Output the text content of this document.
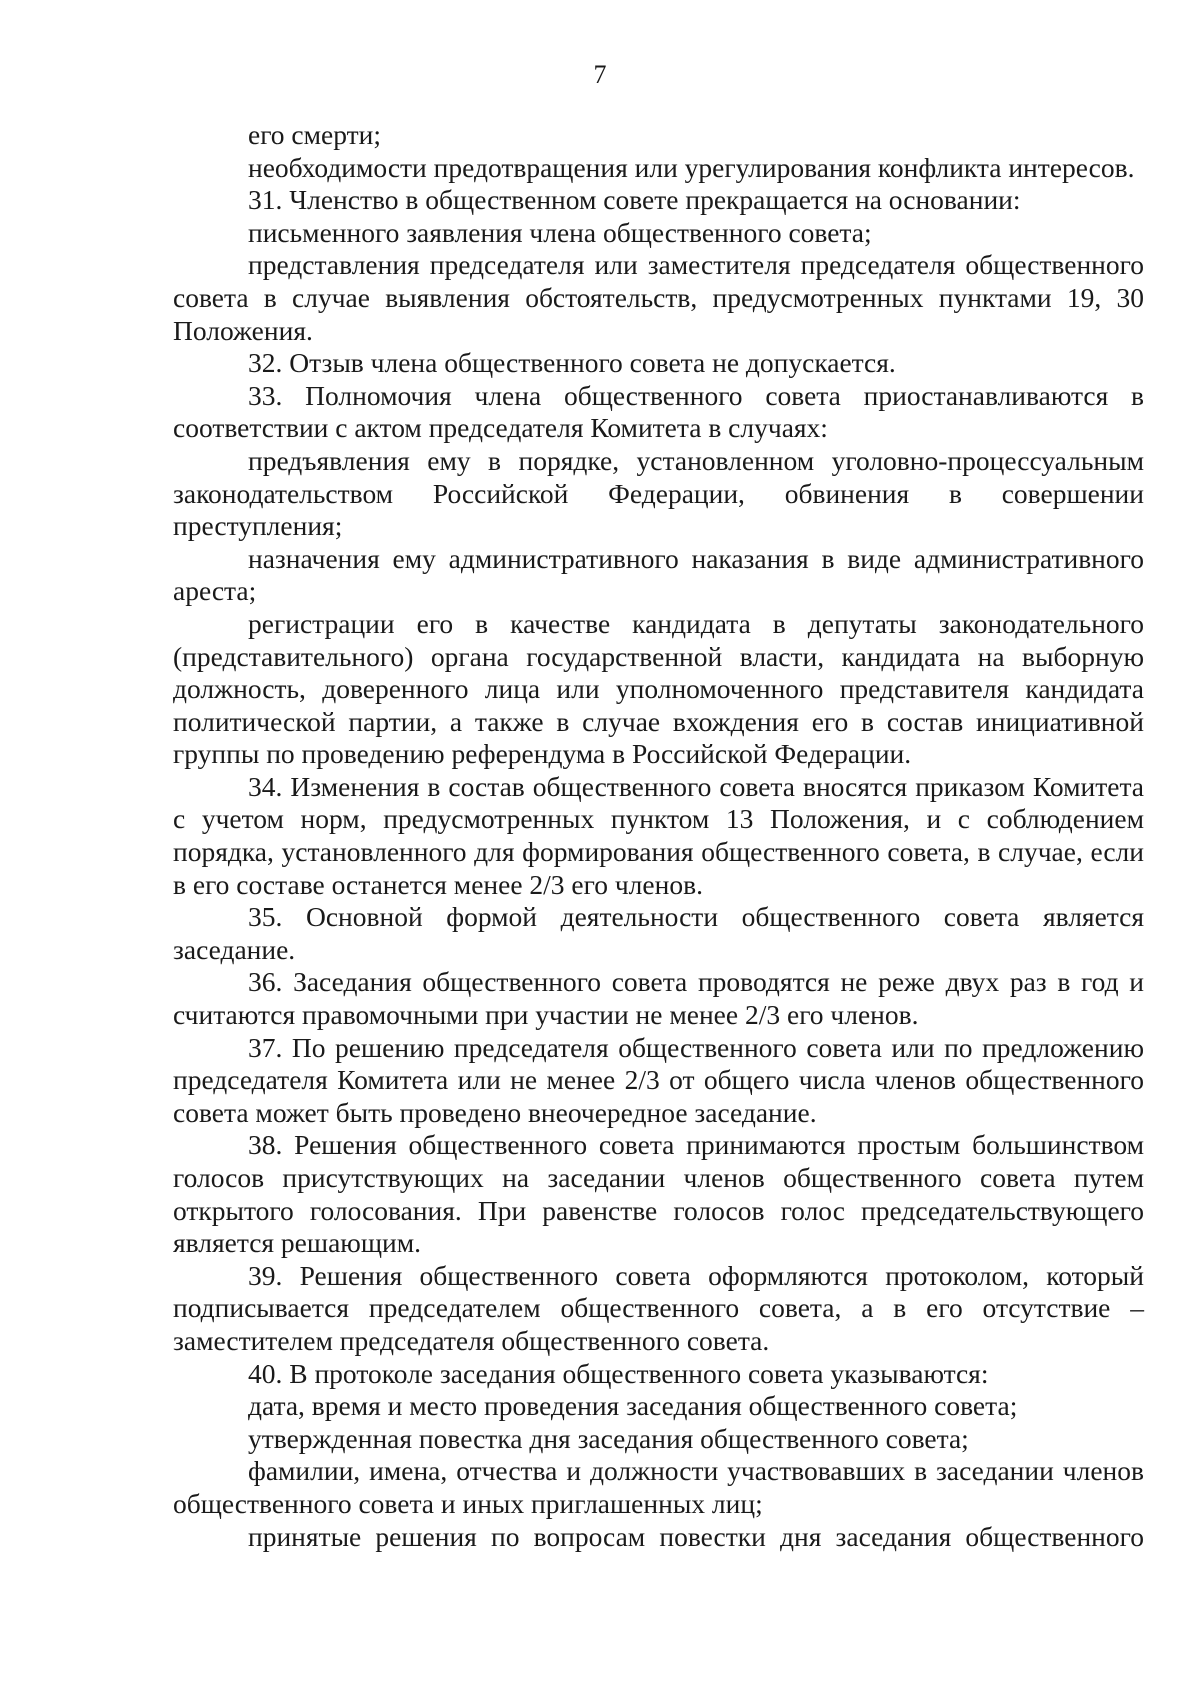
7

его смерти;

необходимости предотвращения или урегулирования конфликта интересов.

31. Членство в общественном совете прекращается на основании:

письменного заявления члена общественного совета;

представления председателя или заместителя председателя общественного совета в случае выявления обстоятельств, предусмотренных пунктами 19, 30 Положения.

32. Отзыв члена общественного совета не допускается.

33. Полномочия члена общественного совета приостанавливаются в соответствии с актом председателя Комитета в случаях:

предъявления ему в порядке, установленном уголовно-процессуальным законодательством Российской Федерации, обвинения в совершении преступления;

назначения ему административного наказания в виде административного ареста;

регистрации его в качестве кандидата в депутаты законодательного (представительного) органа государственной власти, кандидата на выборную должность, доверенного лица или уполномоченного представителя кандидата политической партии, а также в случае вхождения его в состав инициативной группы по проведению референдума в Российской Федерации.

34. Изменения в состав общественного совета вносятся приказом Комитета с учетом норм, предусмотренных пунктом 13 Положения, и с соблюдением порядка, установленного для формирования общественного совета, в случае, если в его составе останется менее 2/3 его членов.

35. Основной формой деятельности общественного совета является заседание.

36. Заседания общественного совета проводятся не реже двух раз в год и считаются правомочными при участии не менее 2/3 его членов.

37. По решению председателя общественного совета или по предложению председателя Комитета или не менее 2/3 от общего числа членов общественного совета может быть проведено внеочередное заседание.

38. Решения общественного совета принимаются простым большинством голосов присутствующих на заседании членов общественного совета путем открытого голосования. При равенстве голосов голос председательствующего является решающим.

39. Решения общественного совета оформляются протоколом, который подписывается председателем общественного совета, а в его отсутствие – заместителем председателя общественного совета.

40. В протоколе заседания общественного совета указываются:

дата, время и место проведения заседания общественного совета;

утвержденная повестка дня заседания общественного совета;

фамилии, имена, отчества и должности участвовавших в заседании членов общественного совета и иных приглашенных лиц;

принятые решения по вопросам повестки дня заседания общественного
